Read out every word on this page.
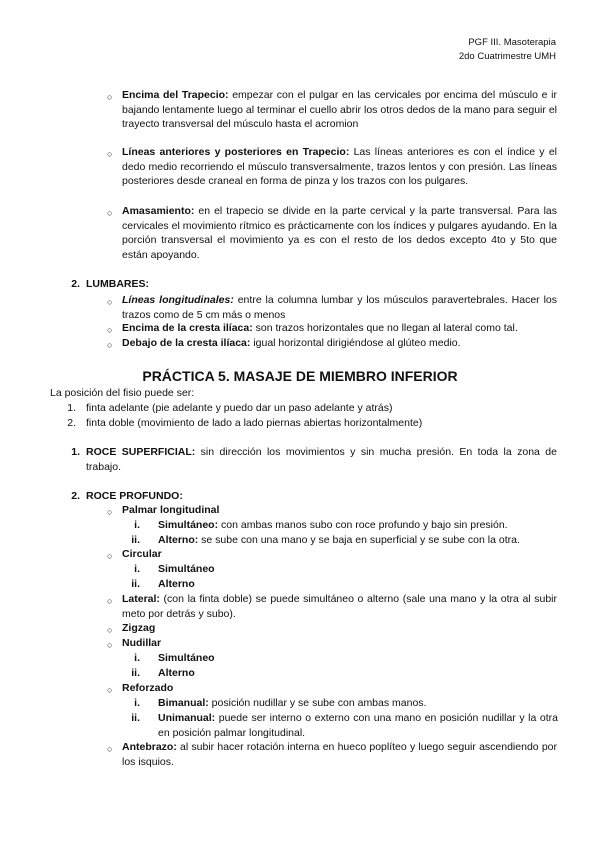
PGF III. Masoterapia
2do Cuatrimestre UMH
○ Encima del Trapecio: empezar con el pulgar en las cervicales por encima del músculo e ir bajando lentamente luego al terminar el cuello abrir los otros dedos de la mano para seguir el trayecto transversal del músculo hasta el acromion
○ Líneas anteriores y posteriores en Trapecio: Las líneas anteriores es con el índice y el dedo medio recorriendo el músculo transversalmente, trazos lentos y con presión. Las líneas posteriores desde craneal en forma de pinza y los trazos con los pulgares.
○ Amasamiento: en el trapecio se divide en la parte cervical y la parte transversal. Para las cervicales el movimiento rítmico es prácticamente con los índices y pulgares ayudando. En la porción transversal el movimiento ya es con el resto de los dedos excepto 4to y 5to que están apoyando.
2. LUMBARES:
○ Líneas longitudinales: entre la columna lumbar y los músculos paravertebrales. Hacer los trazos como de 5 cm más o menos
○ Encima de la cresta ilíaca: son trazos horizontales que no llegan al lateral como tal.
○ Debajo de la cresta ilíaca: igual horizontal dirigiéndose al glúteo medio.
PRÁCTICA 5. MASAJE DE MIEMBRO INFERIOR
La posición del fisio puede ser:
1. finta adelante (pie adelante y puedo dar un paso adelante y atrás)
2. finta doble (movimiento de lado a lado piernas abiertas horizontalmente)
1. ROCE SUPERFICIAL: sin dirección los movimientos y sin mucha presión. En toda la zona de trabajo.
2. ROCE PROFUNDO:
○ Palmar longitudinal
i. Simultáneo: con ambas manos subo con roce profundo y bajo sin presión.
ii. Alterno: se sube con una mano y se baja en superficial y se sube con la otra.
○ Circular
i. Simultáneo
ii. Alterno
○ Lateral: (con la finta doble) se puede simultáneo o alterno (sale una mano y la otra al subir meto por detrás y subo).
○ Zigzag
○ Nudillar
i. Simultáneo
ii. Alterno
○ Reforzado
i. Bimanual: posición nudillar y se sube con ambas manos.
ii. Unimanual: puede ser interno o externo con una mano en posición nudillar y la otra en posición palmar longitudinal.
○ Antebrazo: al subir hacer rotación interna en hueco poplíteo y luego seguir ascendiendo por los isquios.
